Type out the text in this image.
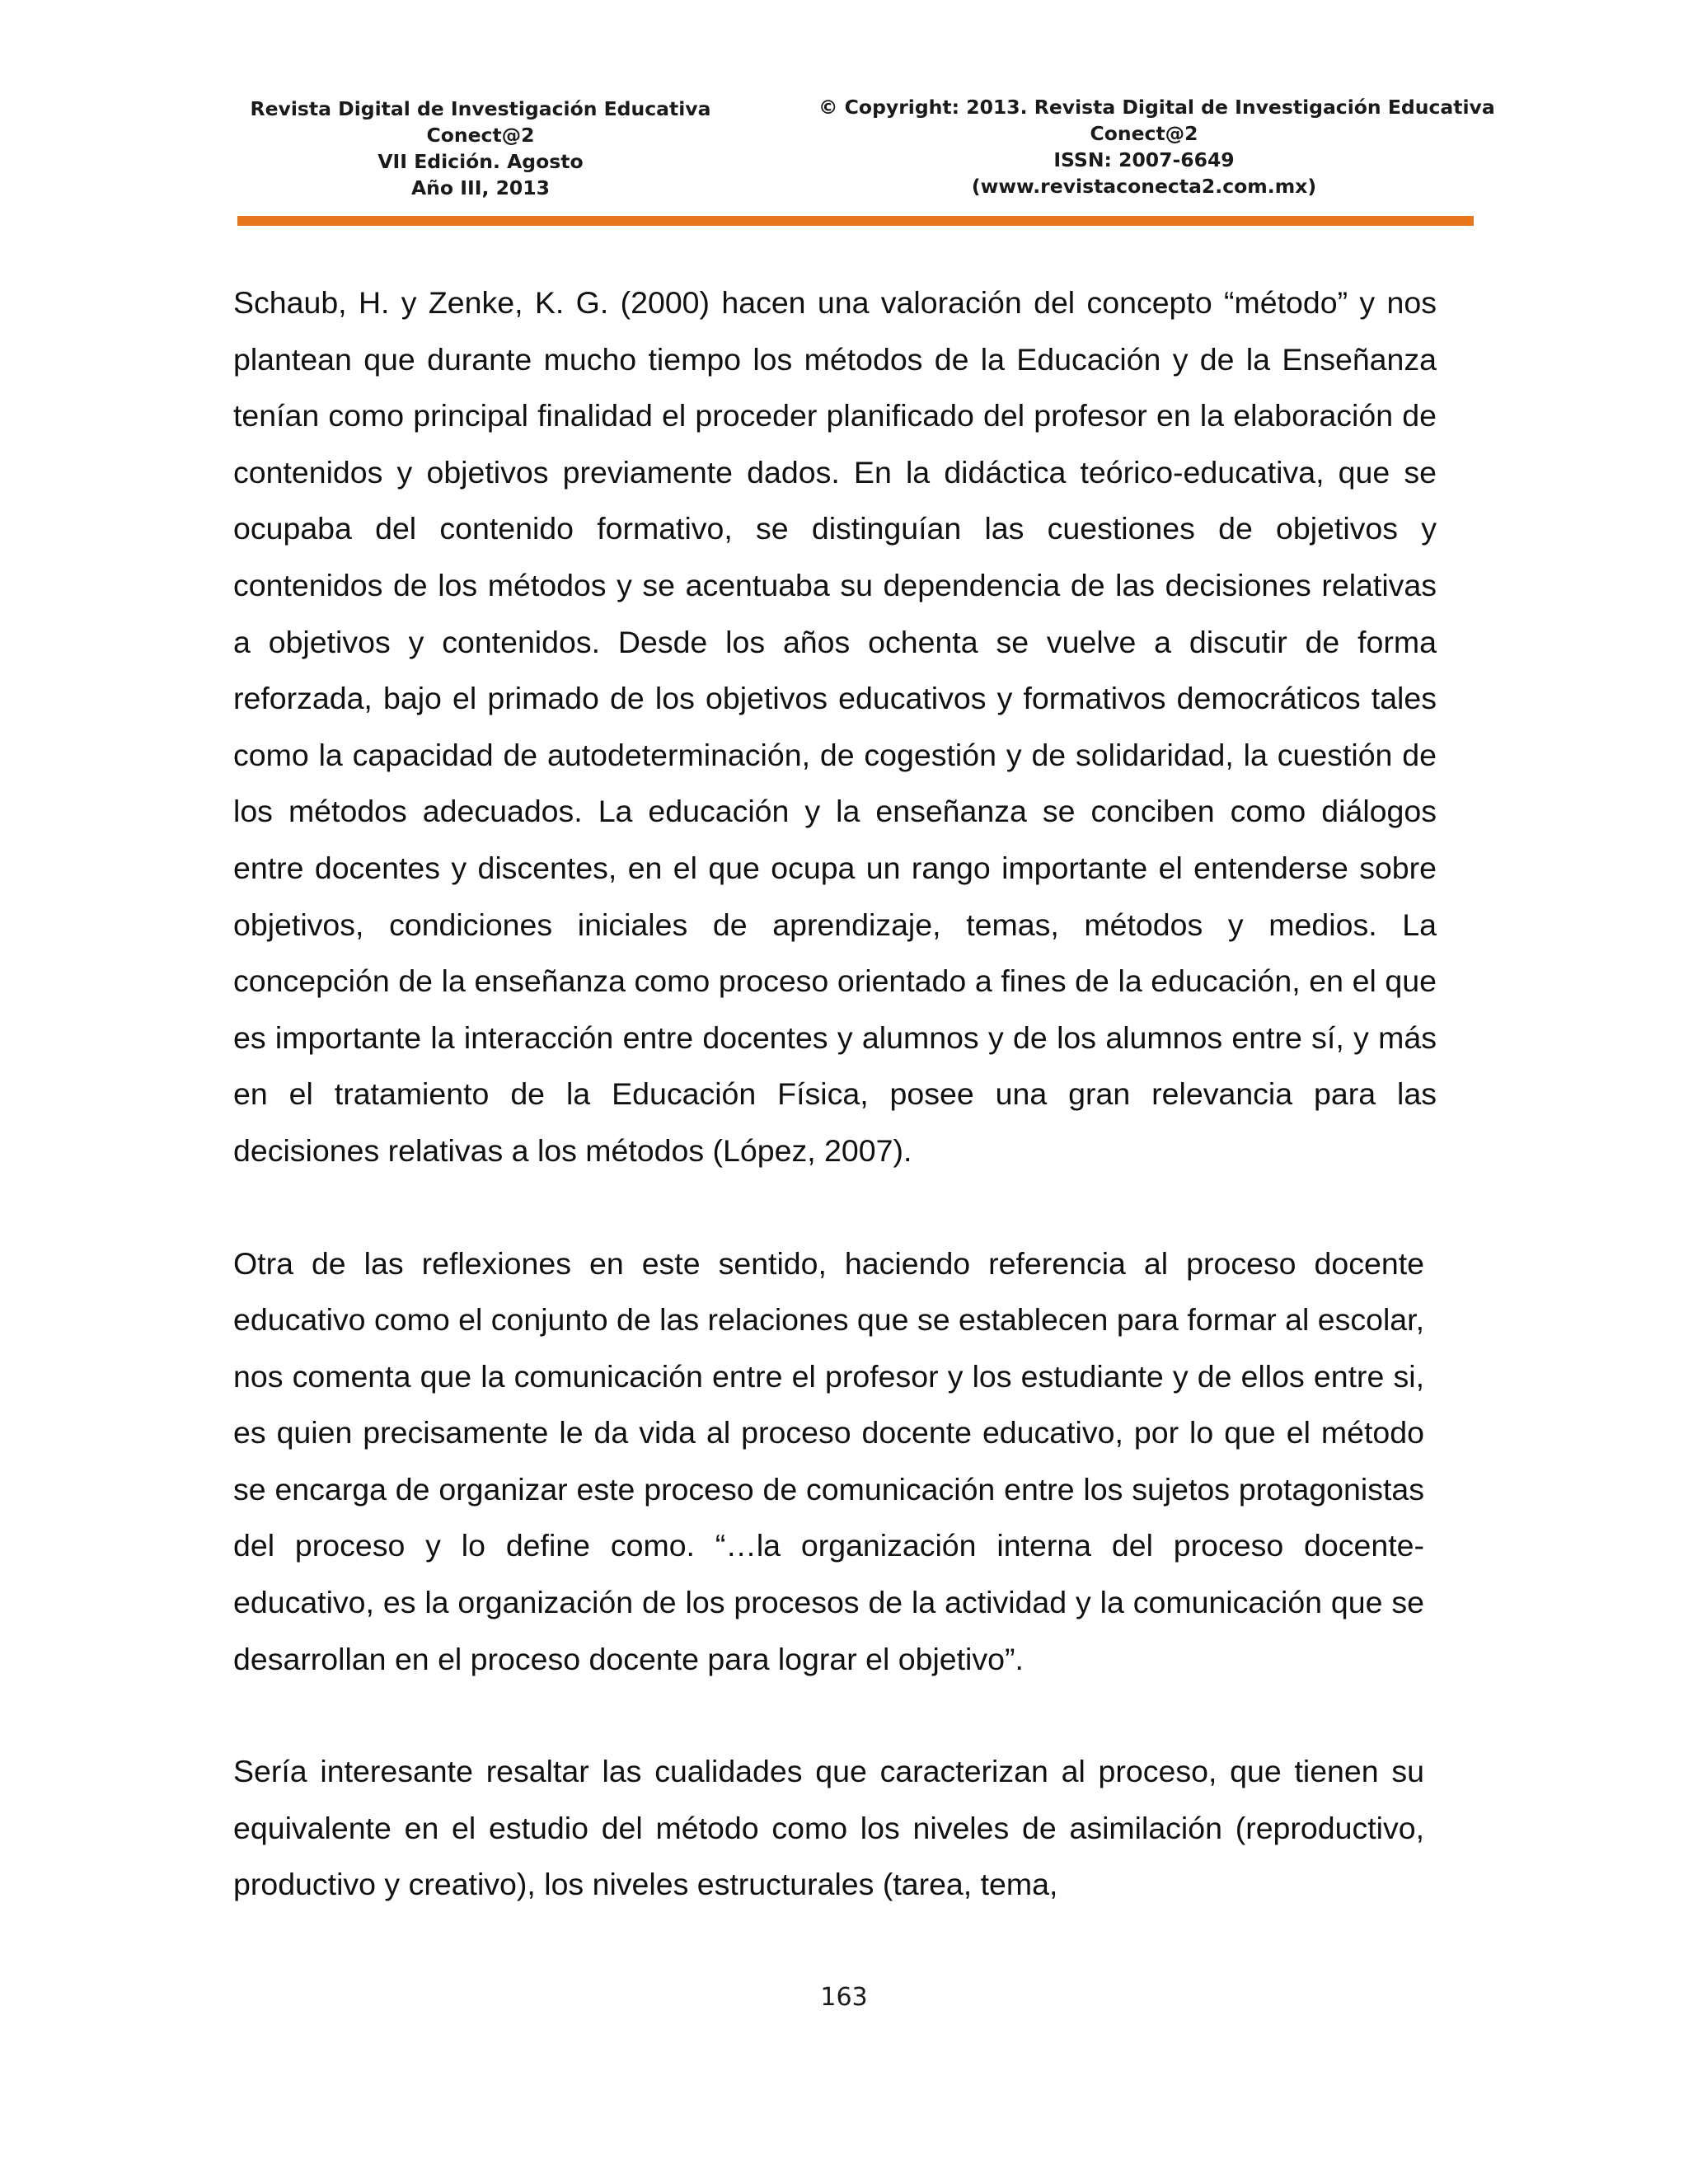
Revista Digital de Investigación Educativa
Conect@2
VII Edición. Agosto
Año III, 2013
© Copyright: 2013. Revista Digital de Investigación Educativa
Conect@2
ISSN: 2007-6649
(www.revistaconecta2.com.mx)

Schaub, H. y Zenke, K. G. (2000) hacen una valoración del concepto “método” y nos plantean que durante mucho tiempo los métodos de la Educación y de la Enseñanza tenían como principal finalidad el proceder planificado del profesor en la elaboración de contenidos y objetivos previamente dados. En la didáctica teórico-educativa, que se ocupaba del contenido formativo, se distinguían las cuestiones de objetivos y contenidos de los métodos y se acentuaba su dependencia de las decisiones relativas a objetivos y contenidos. Desde los años ochenta se vuelve a discutir de forma reforzada, bajo el primado de los objetivos educativos y formativos democráticos tales como la capacidad de autodeterminación, de cogestión y de solidaridad, la cuestión de los métodos adecuados. La educación y la enseñanza se conciben como diálogos entre docentes y discentes, en el que ocupa un rango importante el entenderse sobre objetivos, condiciones iniciales de aprendizaje, temas, métodos y medios. La concepción de la enseñanza como proceso orientado a fines de la educación, en el que es importante la interacción entre docentes y alumnos y de los alumnos entre sí, y más en el tratamiento de la Educación Física, posee una gran relevancia para las decisiones relativas a los métodos (López, 2007).

Otra de las reflexiones en este sentido, haciendo referencia al proceso docente educativo como el conjunto de las relaciones que se establecen para formar al escolar, nos comenta que la comunicación entre el profesor y los estudiante y de ellos entre si, es quien precisamente le da vida al proceso docente educativo, por lo que el método se encarga de organizar este proceso de comunicación entre los sujetos protagonistas del proceso y lo define como. “…la organización interna del proceso docente-educativo, es la organización de los procesos de la actividad y la comunicación que se desarrollan en el proceso docente para lograr el objetivo”.

Sería interesante resaltar las cualidades que caracterizan al proceso, que tienen su equivalente en el estudio del método como los niveles de asimilación (reproductivo, productivo y creativo), los niveles estructurales (tarea, tema,

163
